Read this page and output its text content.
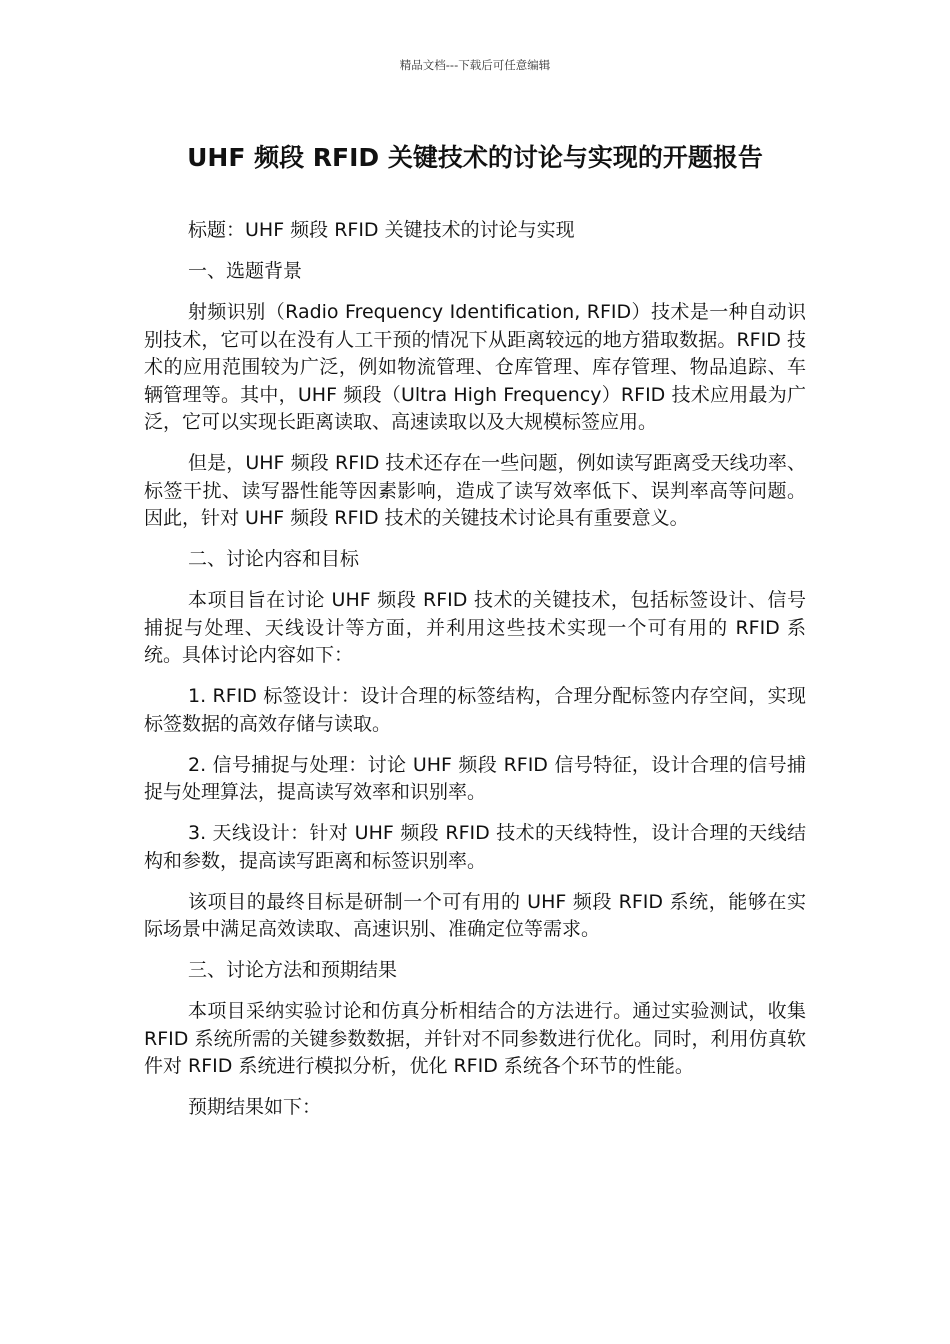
精品文档---下载后可任意编辑
UHF 频段 RFID 关键技术的讨论与实现的开题报告

标题：UHF 频段 RFID 关键技术的讨论与实现

一、选题背景

射频识别（Radio Frequency Identification, RFID）技术是一种自动识别技术，它可以在没有人工干预的情况下从距离较远的地方猎取数据。RFID 技术的应用范围较为广泛，例如物流管理、仓库管理、库存管理、物品追踪、车辆管理等。其中，UHF 频段（Ultra High Frequency）RFID 技术应用最为广泛，它可以实现长距离读取、高速读取以及大规模标签应用。

但是，UHF 频段 RFID 技术还存在一些问题，例如读写距离受天线功率、标签干扰、读写器性能等因素影响，造成了读写效率低下、误判率高等问题。因此，针对 UHF 频段 RFID 技术的关键技术讨论具有重要意义。

二、讨论内容和目标

本项目旨在讨论 UHF 频段 RFID 技术的关键技术，包括标签设计、信号捕捉与处理、天线设计等方面，并利用这些技术实现一个可有用的 RFID 系统。具体讨论内容如下：

1. RFID 标签设计：设计合理的标签结构，合理分配标签内存空间，实现标签数据的高效存储与读取。

2. 信号捕捉与处理：讨论 UHF 频段 RFID 信号特征，设计合理的信号捕捉与处理算法，提高读写效率和识别率。

3. 天线设计：针对 UHF 频段 RFID 技术的天线特性，设计合理的天线结构和参数，提高读写距离和标签识别率。

该项目的最终目标是研制一个可有用的 UHF 频段 RFID 系统，能够在实际场景中满足高效读取、高速识别、准确定位等需求。

三、讨论方法和预期结果

本项目采纳实验讨论和仿真分析相结合的方法进行。通过实验测试，收集 RFID 系统所需的关键参数数据，并针对不同参数进行优化。同时，利用仿真软件对 RFID 系统进行模拟分析，优化 RFID 系统各个环节的性能。

预期结果如下：
